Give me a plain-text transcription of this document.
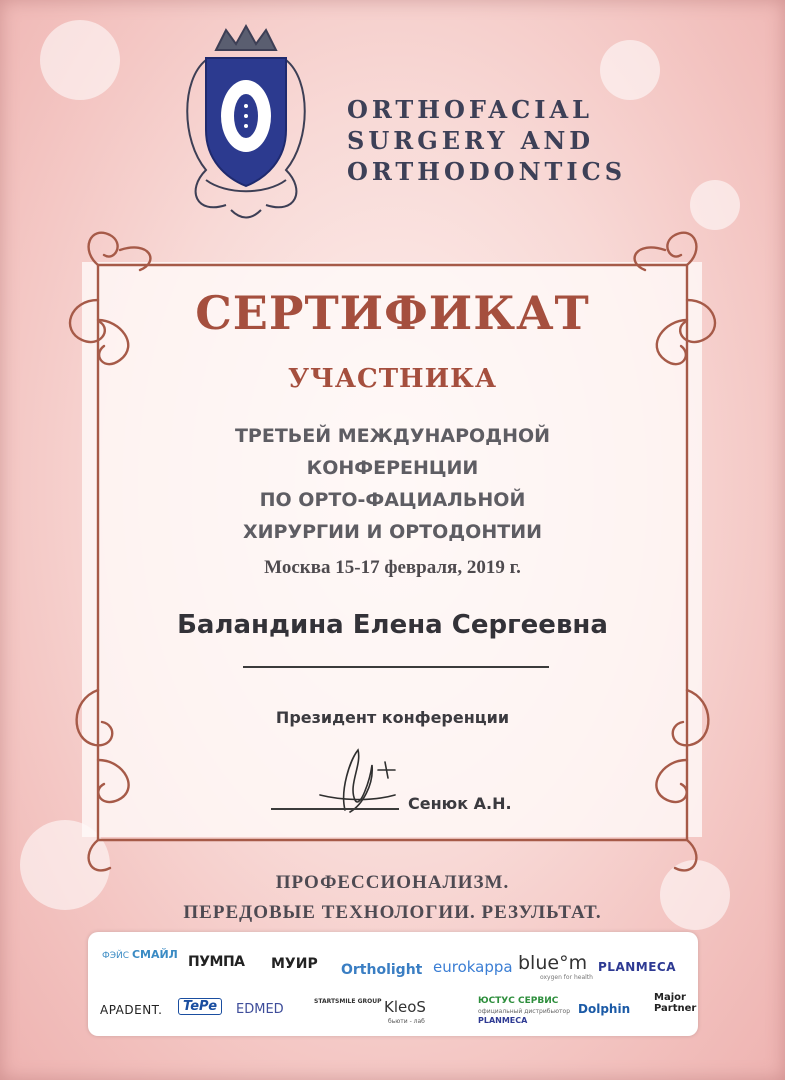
ORTHOFACIAL
SURGERY AND
ORTHODONTICS
СЕРТИФИКАТ
УЧАСТНИКА
ТРЕТЬЕЙ МЕЖДУНАРОДНОЙ
КОНФЕРЕНЦИИ
ПО ОРТО-ФАЦИАЛЬНОЙ
ХИРУРГИИ И ОРТОДОНТИИ
Москва 15-17 февраля, 2019 г.
Баландина Елена Сергеевна
Президент конференции
Сенюк А.Н.
ПРОФЕССИОНАЛИЗМ.
ПЕРЕДОВЫЕ ТЕХНОЛОГИИ. РЕЗУЛЬТАТ.
ФЭЙС СМАЙЛ ПУМПА МУИР Ortholight eurokappa blue°m
oxygen for health
PLANMECA
APADENT.	TePe	EDMED
STARTSMILE GROUP KleoS
бьюти - лаб
ЮСТУС СЕРВИС
официальный дистрибьютор
PLANMECA
Dolphin
Major
Partner
